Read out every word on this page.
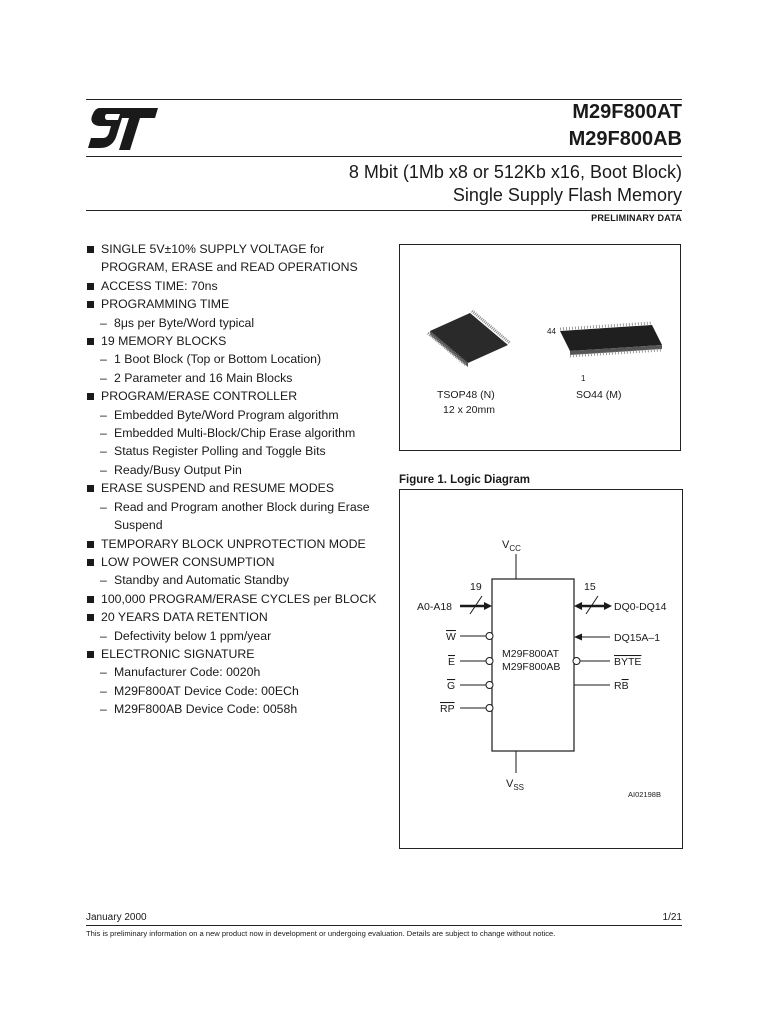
M29F800AT
M29F800AB
8 Mbit (1Mb x8 or 512Kb x16, Boot Block)
Single Supply Flash Memory
PRELIMINARY DATA
SINGLE 5V±10% SUPPLY VOLTAGE for PROGRAM, ERASE and READ OPERATIONS
ACCESS TIME: 70ns
PROGRAMMING TIME
– 8μs per Byte/Word typical
19 MEMORY BLOCKS
– 1 Boot Block (Top or Bottom Location)
– 2 Parameter and 16 Main Blocks
PROGRAM/ERASE CONTROLLER
– Embedded Byte/Word Program algorithm
– Embedded Multi-Block/Chip Erase algorithm
– Status Register Polling and Toggle Bits
– Ready/Busy Output Pin
ERASE SUSPEND and RESUME MODES
– Read and Program another Block during Erase Suspend
TEMPORARY BLOCK UNPROTECTION MODE
LOW POWER CONSUMPTION
– Standby and Automatic Standby
100,000 PROGRAM/ERASE CYCLES per BLOCK
20 YEARS DATA RETENTION
– Defectivity below 1 ppm/year
ELECTRONIC SIGNATURE
– Manufacturer Code: 0020h
– M29F800AT Device Code: 00ECh
– M29F800AB Device Code: 0058h
44
1
TSOP48 (N)
12 x 20mm
SO44 (M)
Figure 1. Logic Diagram
$V_{CC}$
$V_{SS}$
19
A0-A18
15
DQ0-DQ14
W
E
G
RP
DQ15A–1
BYTE
RB
M29F800AT
M29F800AB
AI02198B
January 2000	1/21
This is preliminary information on a new product now in development or undergoing evaluation. Details are subject to change without notice.
